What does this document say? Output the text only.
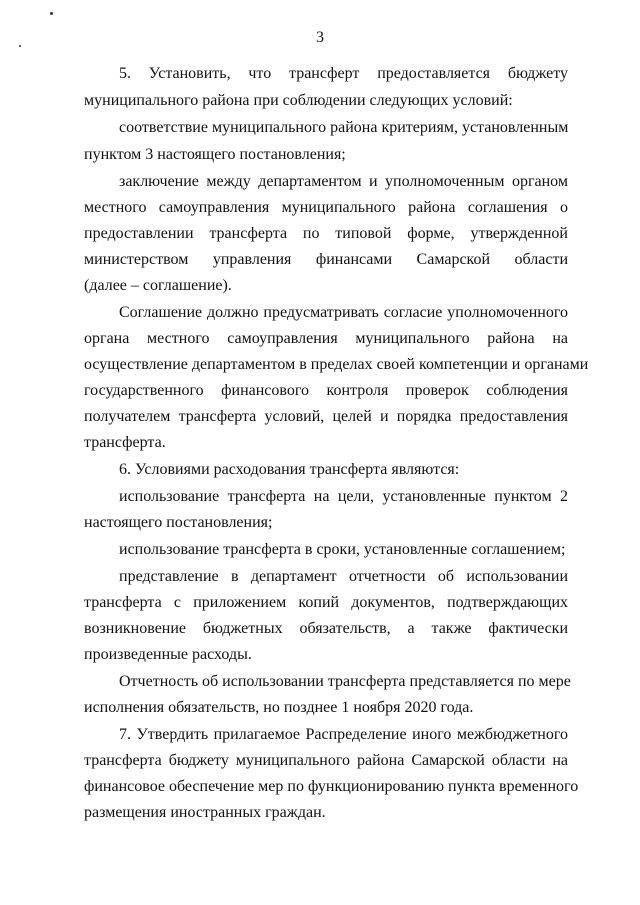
3
5. Установить, что трансферт предоставляется бюджету
муниципального района при соблюдении следующих условий:
соответствие муниципального района критериям, установленным
пунктом 3 настоящего постановления;
заключение между департаментом и уполномоченным органом
местного самоуправления муниципального района соглашения о
предоставлении трансферта по типовой форме, утвержденной
министерством управления финансами Самарской области
(далее – соглашение).
Соглашение должно предусматривать согласие уполномоченного
органа местного самоуправления муниципального района на
осуществление департаментом в пределах своей компетенции и органами
государственного финансового контроля проверок соблюдения
получателем трансферта условий, целей и порядка предоставления
трансферта.
6. Условиями расходования трансферта являются:
использование трансферта на цели, установленные пунктом 2
настоящего постановления;
использование трансферта в сроки, установленные соглашением;
представление в департамент отчетности об использовании
трансферта с приложением копий документов, подтверждающих
возникновение бюджетных обязательств, а также фактически
произведенные расходы.
Отчетность об использовании трансферта представляется по мере
исполнения обязательств, но позднее 1 ноября 2020 года.
7. Утвердить прилагаемое Распределение иного межбюджетного
трансферта бюджету муниципального района Самарской области на
финансовое обеспечение мер по функционированию пункта временного
размещения иностранных граждан.
